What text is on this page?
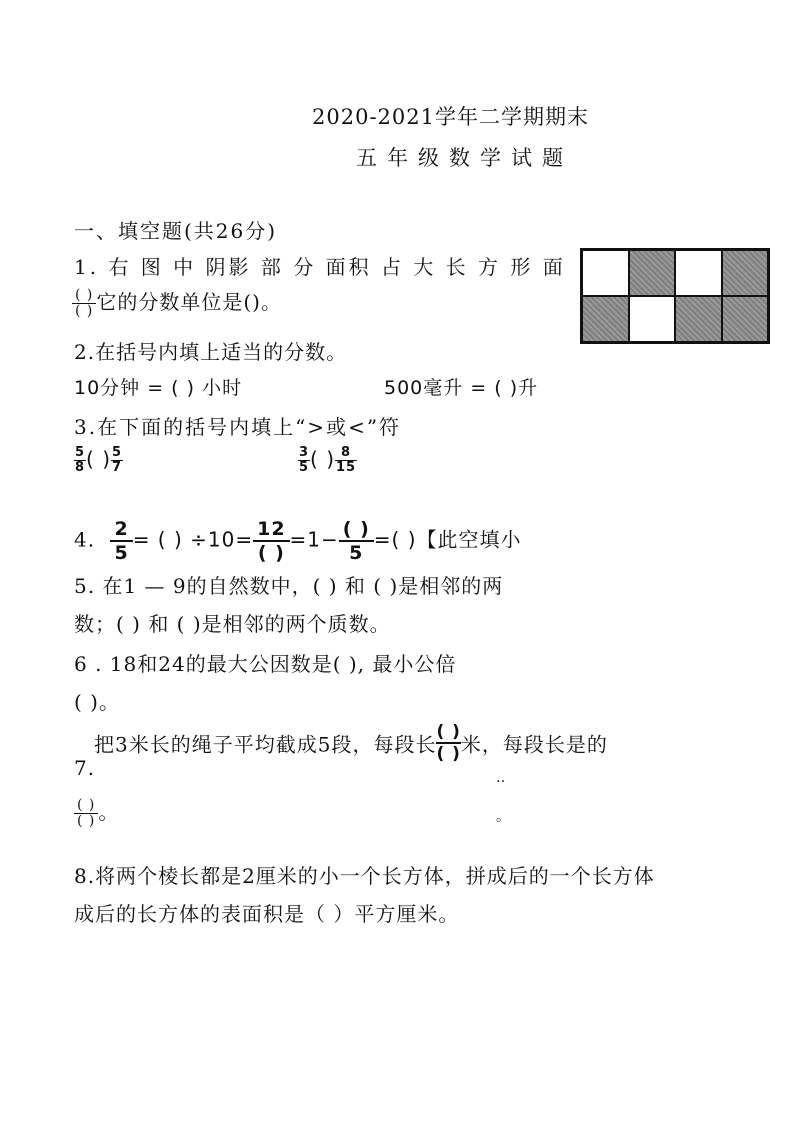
2020-2021学年二学期期末
五年级数学试题
一、填空题(共26分)
1. 右 图 中 阴影 部 分 面积 占 大 长 方 形 面
( )
( ) 它的分数单位是()。
2.在括号内填上适当的分数。
10分钟 = ( ) 小时	500毫升 = ( )升
3.在下面的括号内填上“>或<”符
$\frac{5}{8}$ ( ) $\frac{5}{7}$	$\frac{3}{5}$ ( ) $\frac{8}{15}$
4. $\frac{2}{5}$ = ( ) ÷10= 12
( )
=1− ( )
5
=( )【此空填小
5. 在1 — 9的自然数中，( ) 和 ( )是相邻的两
数；( ) 和 ( )是相邻的两个质数。
6 . 18和24的最大公因数是( ), 最小公倍
( )。
7.
把3米长的绳子平均截成5段，每段长 $\frac{( )}{( )}$ 米，每段长是的
‥
。
( )
( ) 。
8.将两个棱长都是2厘米的小一个长方体，拼成后的一个长方体
成后的长方体的表面积是（ ）平方厘米。
